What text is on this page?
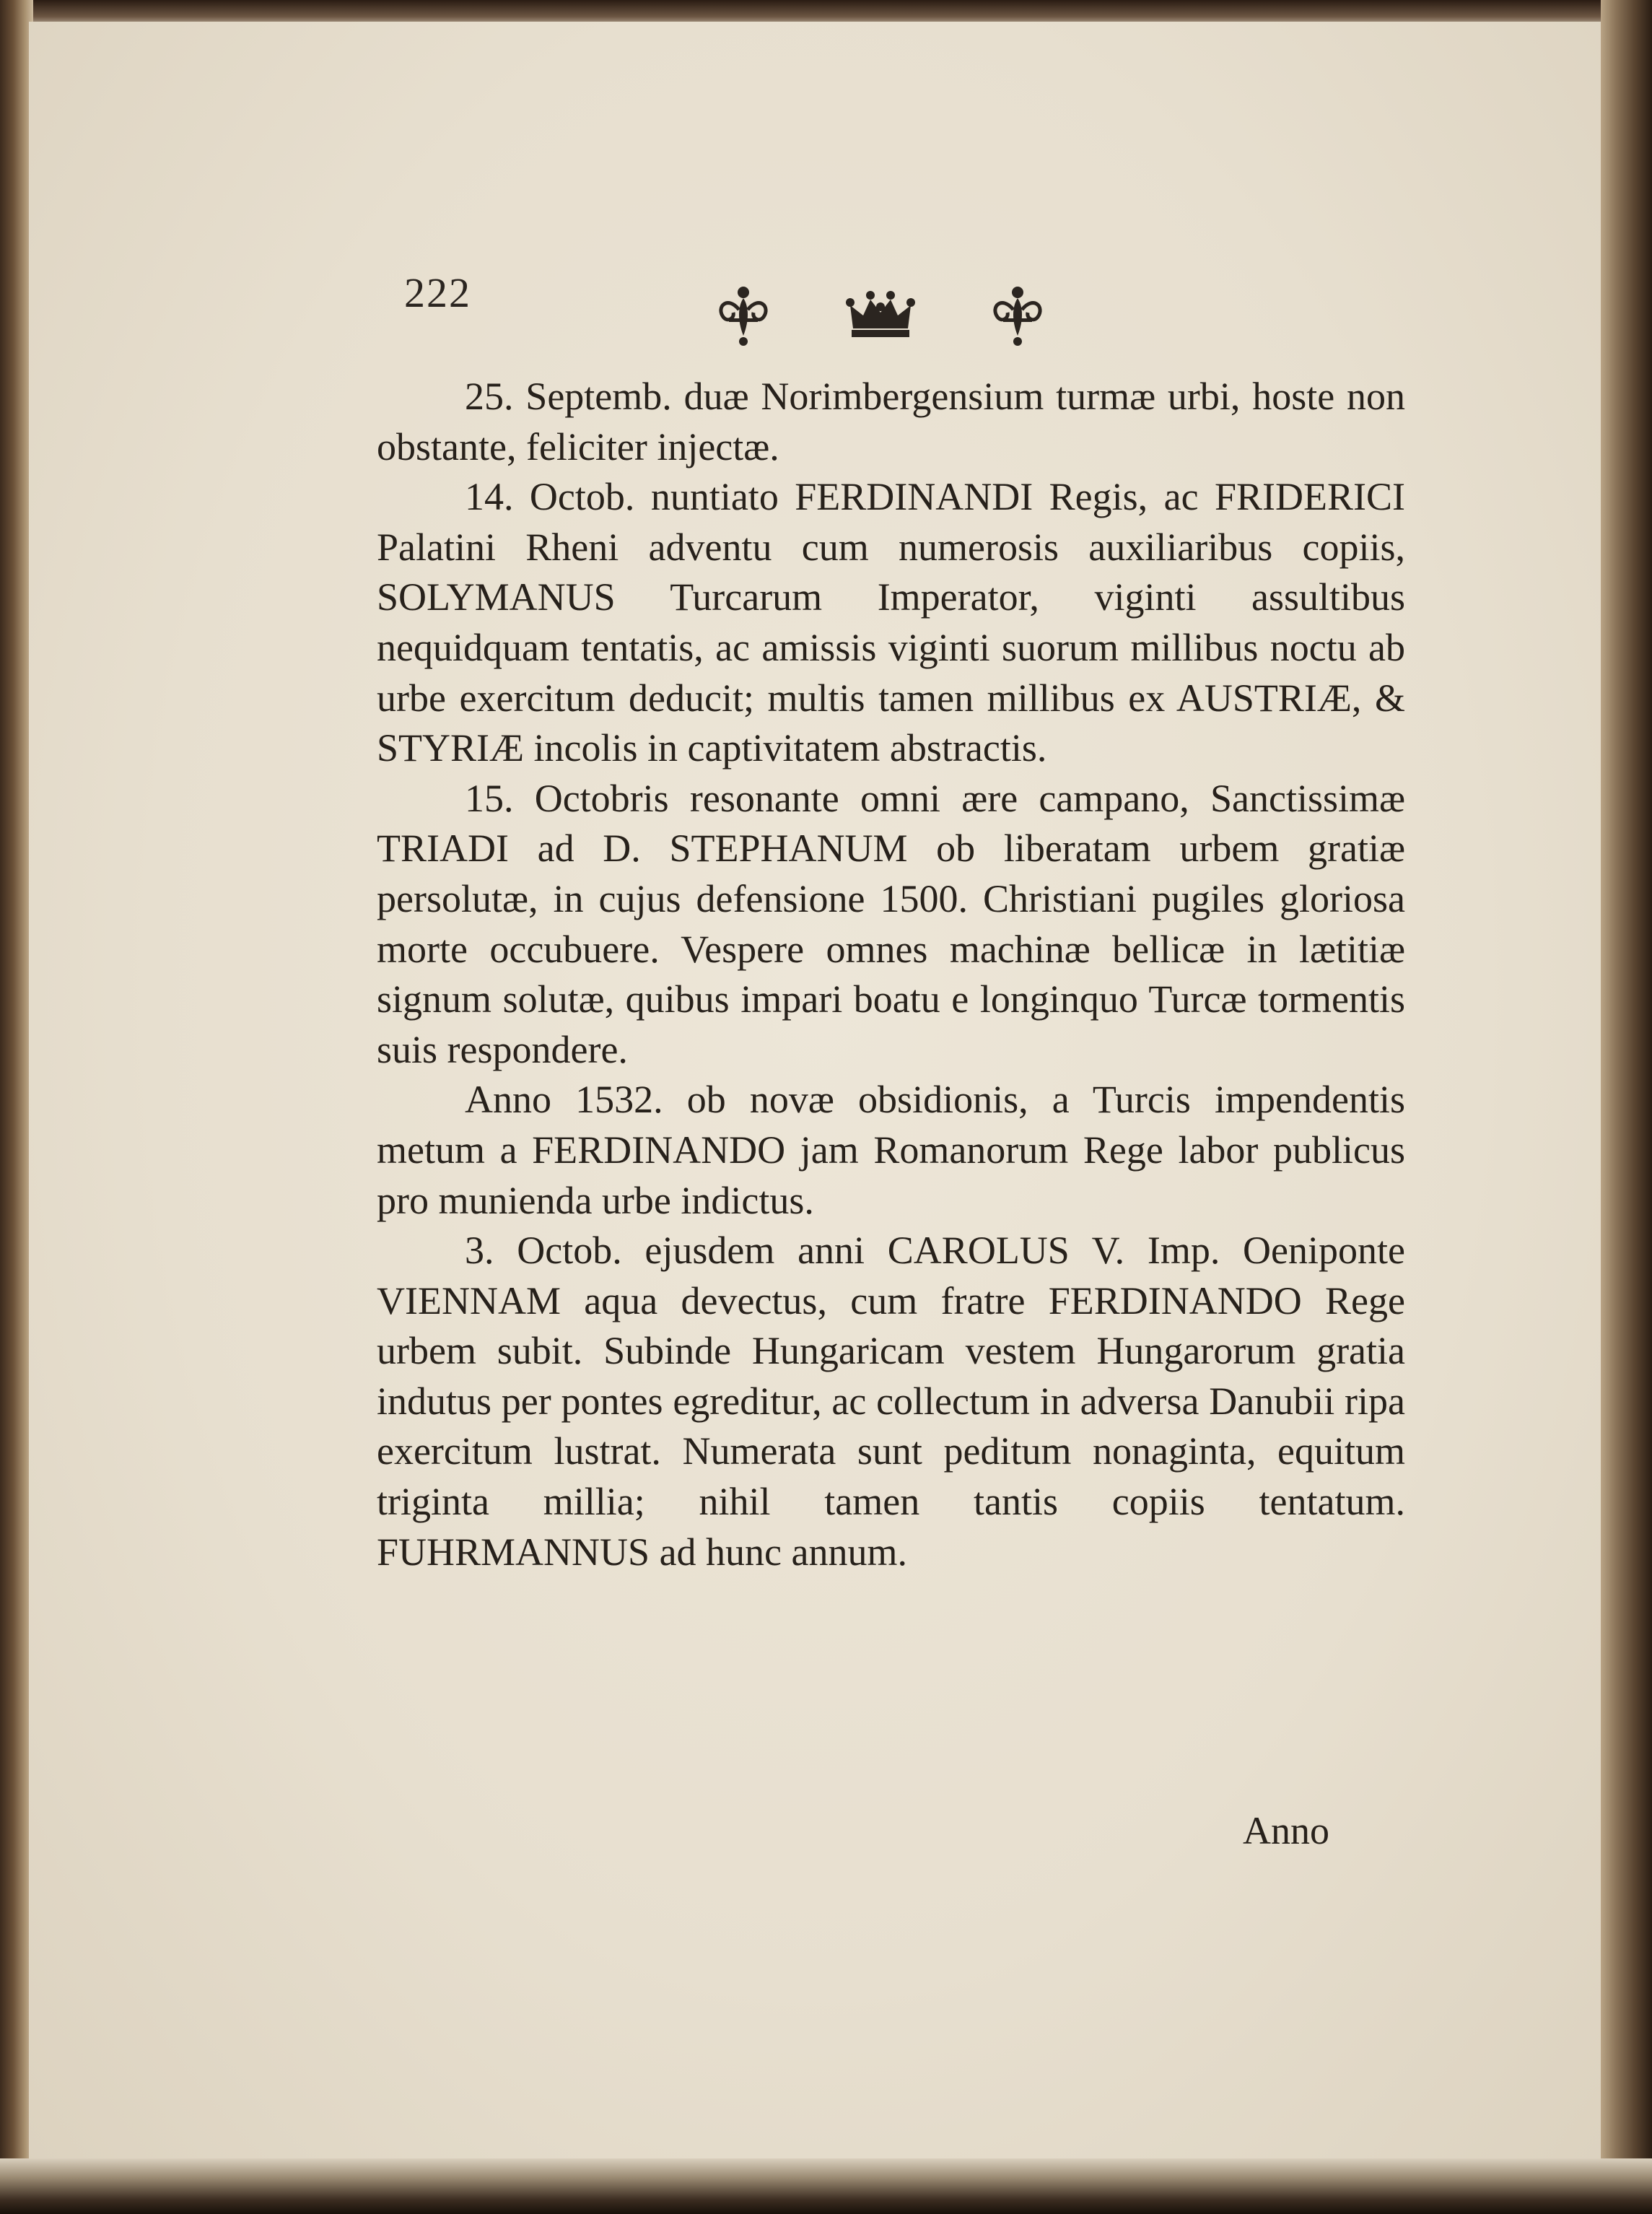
222

25. Septemb. duæ Norimbergensium turmæ urbi, hoste non obstante, feliciter injectæ.

14. Octob. nuntiato FERDINANDI Regis, ac FRIDERICI Palatini Rheni adventu cum numerosis auxiliaribus copiis, SOLYMANUS Turcarum Imperator, viginti assultibus nequidquam tentatis, ac amissis viginti suorum millibus noctu ab urbe exercitum deducit; multis tamen millibus ex AUSTRIÆ, & STYRIÆ incolis in captivitatem abstractis.

15. Octobris resonante omni ære campano, Sanctissimæ TRIADI ad D. STEPHANUM ob liberatam urbem gratiæ persolutæ, in cujus defensione 1500. Christiani pugiles gloriosa morte occubuere. Vespere omnes machinæ bellicæ in lætitiæ signum solutæ, quibus impari boatu e longinquo Turcæ tormentis suis respondere.

Anno 1532. ob novæ obsidionis, a Turcis impendentis metum a FERDINANDO jam Romanorum Rege labor publicus pro munienda urbe indictus.

3. Octob. ejusdem anni CAROLUS V. Imp. Oeniponte VIENNAM aqua devectus, cum fratre FERDINANDO Rege urbem subit. Subinde Hungaricam vestem Hungarorum gratia indutus per pontes egreditur, ac collectum in adversa Danubii ripa exercitum lustrat. Numerata sunt peditum nonaginta, equitum triginta millia; nihil tamen tantis copiis tentatum. FUHRMANNUS ad hunc annum.

Anno
